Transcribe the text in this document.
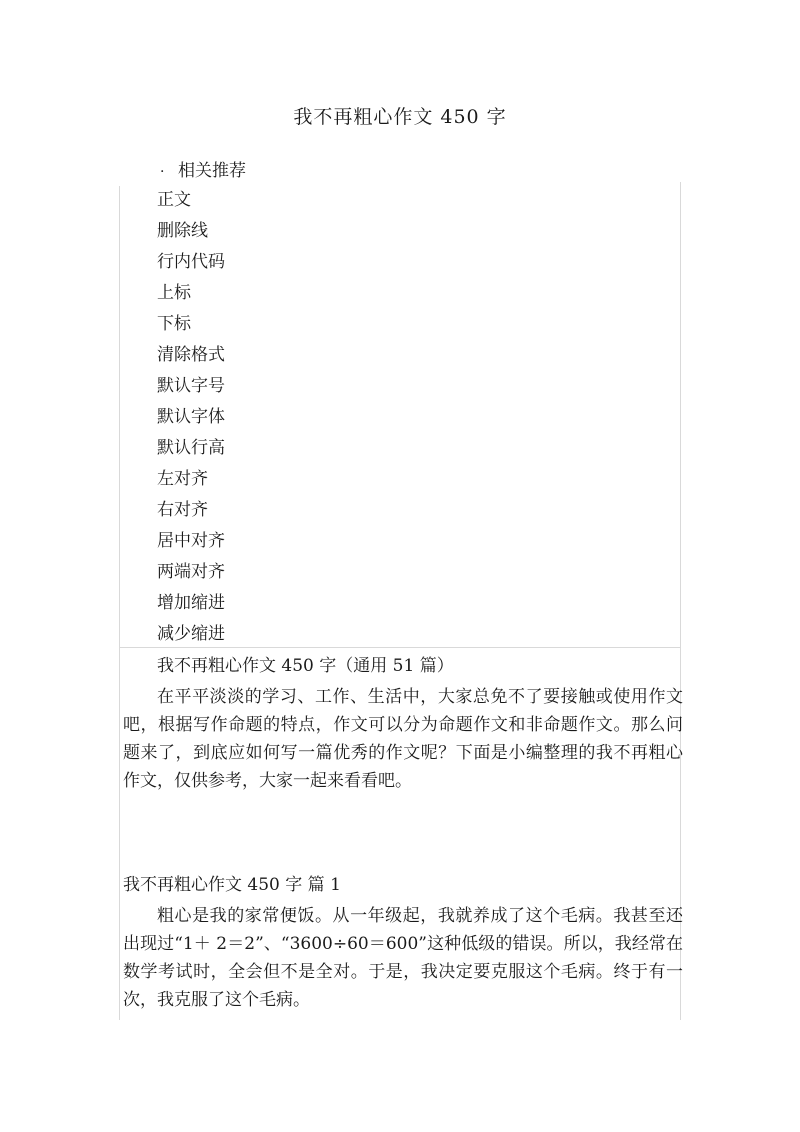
我不再粗心作文 450 字
· 相关推荐
正文
删除线
行内代码
上标
下标
清除格式
默认字号
默认字体
默认行高
左对齐
右对齐
居中对齐
两端对齐
增加缩进
减少缩进
我不再粗心作文 450 字（通用 51 篇）
在平平淡淡的学习、工作、生活中，大家总免不了要接触或使用作文吧，根据写作命题的特点，作文可以分为命题作文和非命题作文。那么问题来了，到底应如何写一篇优秀的作文呢？下面是小编整理的我不再粗心作文，仅供参考，大家一起来看看吧。
我不再粗心作文 450 字 篇 1
粗心是我的家常便饭。从一年级起，我就养成了这个毛病。我甚至还出现过“1＋ 2＝2”、“3600÷60＝600”这种低级的错误。所以，我经常在数学考试时，全会但不是全对。于是，我决定要克服这个毛病。终于有一次，我克服了这个毛病。
